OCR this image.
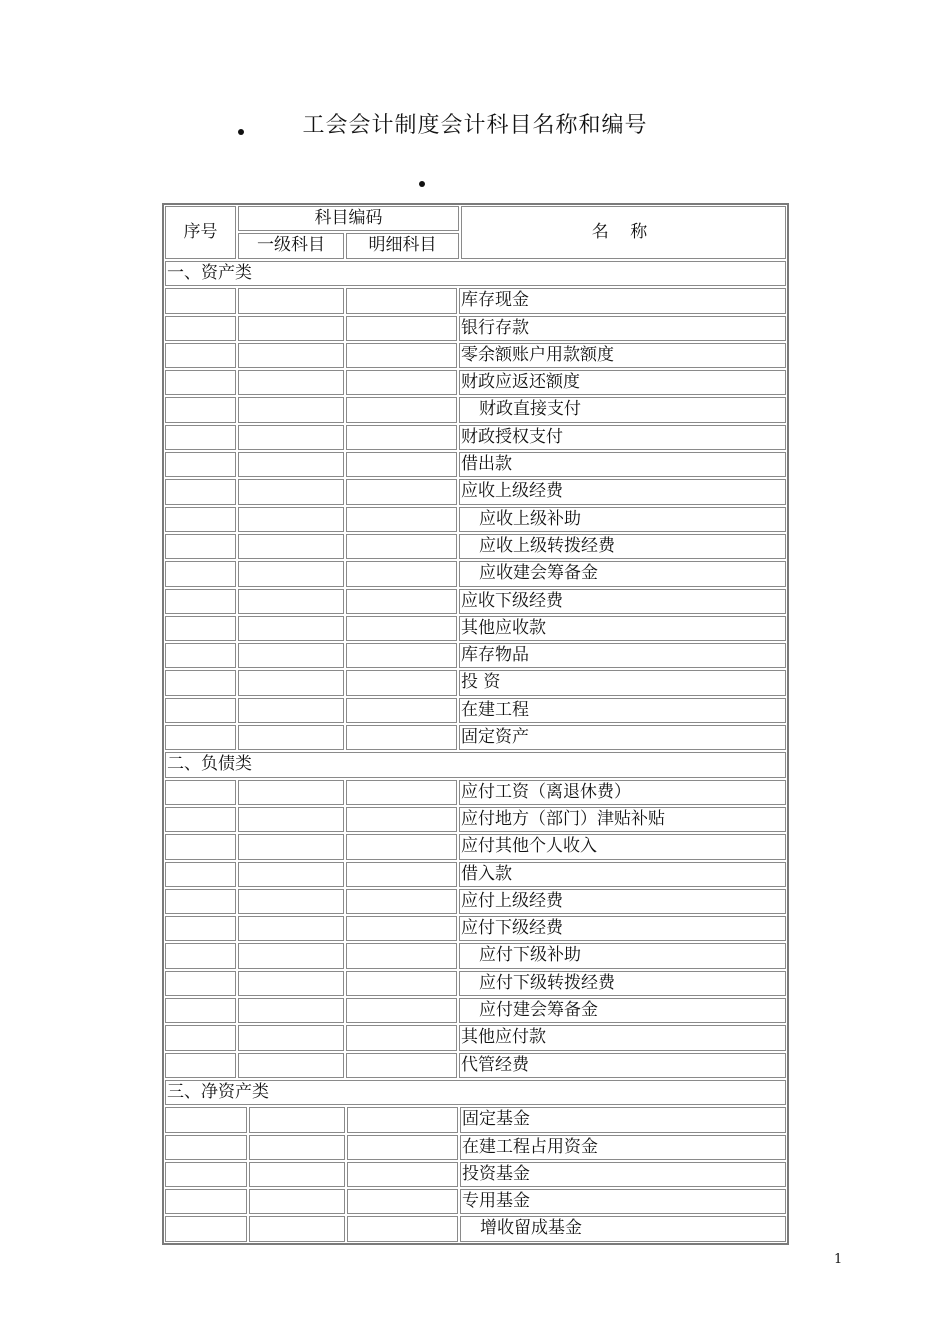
工会会计制度会计科目名称和编号
序号
科目编码
一级科目	明细科目
名 称
一、资产类
库存现金
银行存款
零余额账户用款额度
财政应返还额度
财政直接支付
财政授权支付
借出款
应收上级经费
应收上级补助
应收上级转拨经费
应收建会筹备金
应收下级经费
其他应收款
库存物品
投 资
在建工程
固定资产
二、负债类
应付工资（离退休费）
应付地方（部门）津贴补贴
应付其他个人收入
借入款
应付上级经费
应付下级经费
应付下级补助
应付下级转拨经费
应付建会筹备金
其他应付款
代管经费
三、净资产类
固定基金
在建工程占用资金
投资基金
专用基金
增收留成基金
1
